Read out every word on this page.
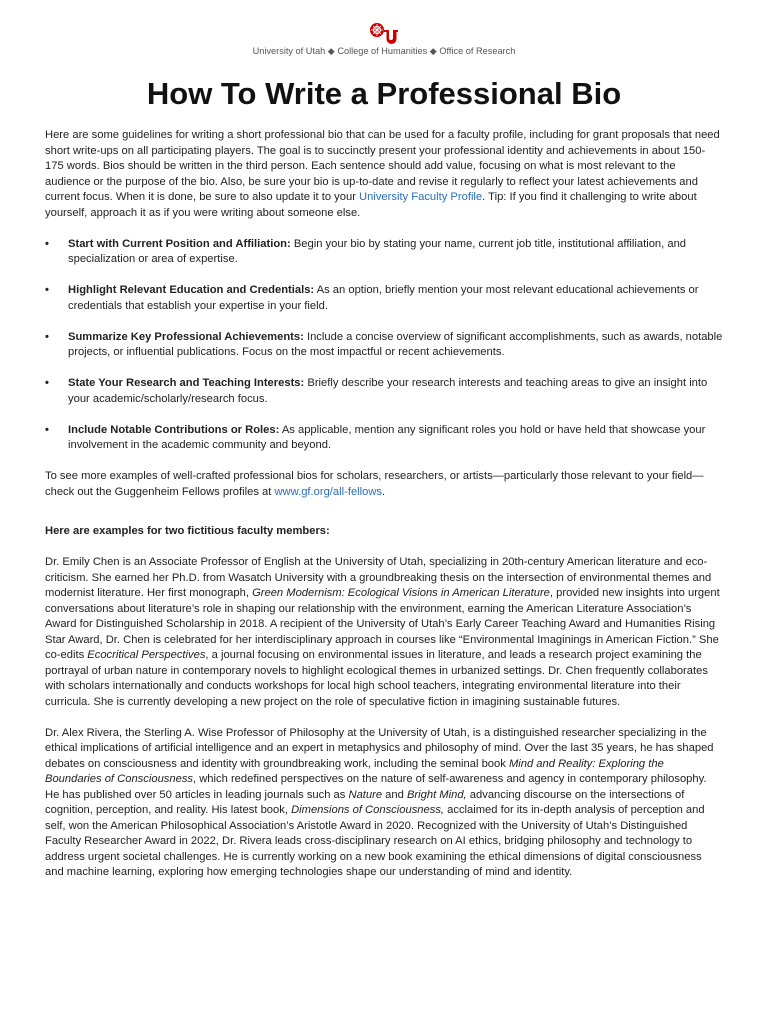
University of Utah ◆ College of Humanities ◆ Office of Research
How To Write a Professional Bio

Here are some guidelines for writing a short professional bio that can be used for a faculty profile, including for grant proposals that need short write-ups on all participating players. The goal is to succinctly present your professional identity and achievements in about 150-175 words. Bios should be written in the third person. Each sentence should add value, focusing on what is most relevant to the audience or the purpose of the bio. Also, be sure your bio is up-to-date and revise it regularly to reflect your latest achievements and current focus. When it is done, be sure to also update it to your University Faculty Profile. Tip: If you find it challenging to write about yourself, approach it as if you were writing about someone else.

• Start with Current Position and Affiliation: Begin your bio by stating your name, current job title, institutional affiliation, and specialization or area of expertise.
• Highlight Relevant Education and Credentials: As an option, briefly mention your most relevant educational achievements or credentials that establish your expertise in your field.
• Summarize Key Professional Achievements: Include a concise overview of significant accomplishments, such as awards, notable projects, or influential publications. Focus on the most impactful or recent achievements.
• State Your Research and Teaching Interests: Briefly describe your research interests and teaching areas to give an insight into your academic/scholarly/research focus.
• Include Notable Contributions or Roles: As applicable, mention any significant roles you hold or have held that showcase your involvement in the academic community and beyond.

To see more examples of well-crafted professional bios for scholars, researchers, or artists—particularly those relevant to your field—check out the Guggenheim Fellows profiles at www.gf.org/all-fellows.

Here are examples for two fictitious faculty members:

Dr. Emily Chen is an Associate Professor of English at the University of Utah, specializing in 20th-century American literature and eco-criticism. She earned her Ph.D. from Wasatch University with a groundbreaking thesis on the intersection of environmental themes and modernist literature. Her first monograph, Green Modernism: Ecological Visions in American Literature, provided new insights into urgent conversations about literature’s role in shaping our relationship with the environment, earning the American Literature Association’s Award for Distinguished Scholarship in 2018. A recipient of the University of Utah’s Early Career Teaching Award and Humanities Rising Star Award, Dr. Chen is celebrated for her interdisciplinary approach in courses like “Environmental Imaginings in American Fiction.” She co-edits Ecocritical Perspectives, a journal focusing on environmental issues in literature, and leads a research project examining the portrayal of urban nature in contemporary novels to highlight ecological themes in urbanized settings. Dr. Chen frequently collaborates with scholars internationally and conducts workshops for local high school teachers, integrating environmental literature into their curricula. She is currently developing a new project on the role of speculative fiction in imagining sustainable futures.

Dr. Alex Rivera, the Sterling A. Wise Professor of Philosophy at the University of Utah, is a distinguished researcher specializing in the ethical implications of artificial intelligence and an expert in metaphysics and philosophy of mind. Over the last 35 years, he has shaped debates on consciousness and identity with groundbreaking work, including the seminal book Mind and Reality: Exploring the Boundaries of Consciousness, which redefined perspectives on the nature of self-awareness and agency in contemporary philosophy. He has published over 50 articles in leading journals such as Nature and Bright Mind, advancing discourse on the intersections of cognition, perception, and reality. His latest book, Dimensions of Consciousness, acclaimed for its in-depth analysis of perception and self, won the American Philosophical Association’s Aristotle Award in 2020. Recognized with the University of Utah’s Distinguished Faculty Researcher Award in 2022, Dr. Rivera leads cross-disciplinary research on AI ethics, bridging philosophy and technology to address urgent societal challenges. He is currently working on a new book examining the ethical dimensions of digital consciousness and machine learning, exploring how emerging technologies shape our understanding of mind and identity.
